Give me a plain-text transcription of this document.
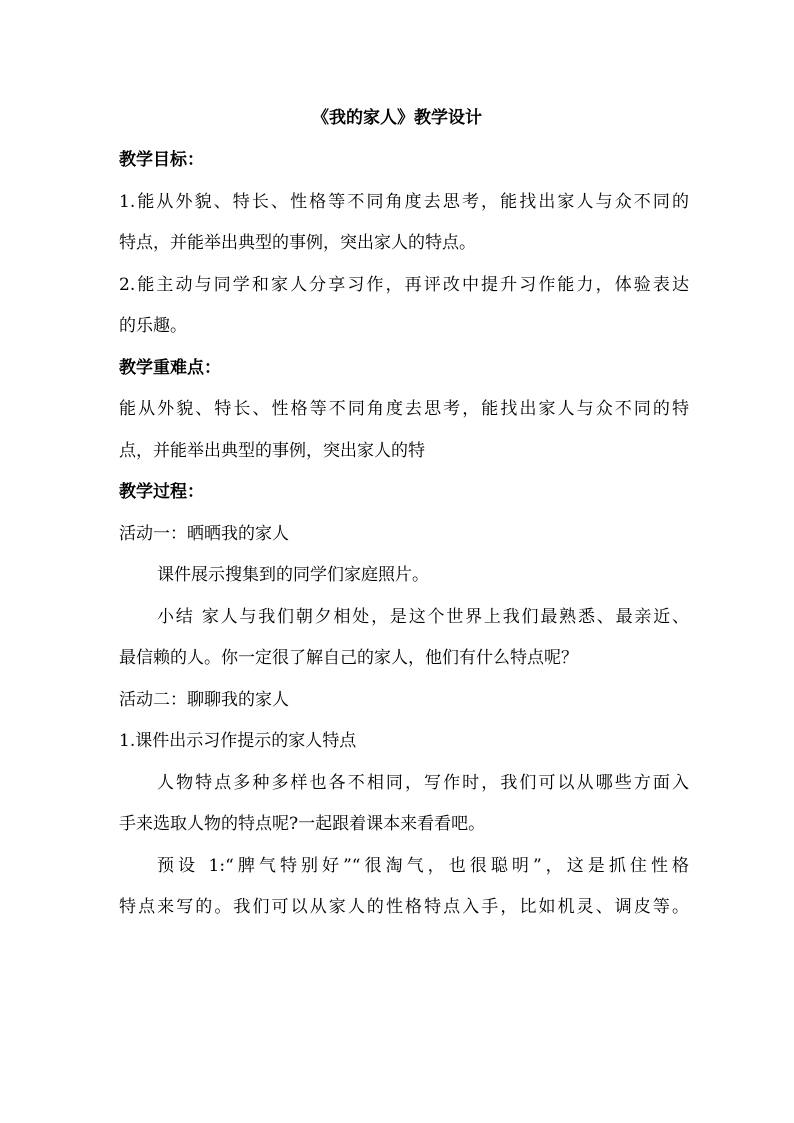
《我的家人》教学设计
教学目标：
1.能从外貌、特长、性格等不同角度去思考，能找出家人与众不同的
特点，并能举出典型的事例，突出家人的特点。
2.能主动与同学和家人分享习作，再评改中提升习作能力，体验表达
的乐趣。
教学重难点：
能从外貌、特长、性格等不同角度去思考，能找出家人与众不同的特
点，并能举出典型的事例，突出家人的特
教学过程：
活动一：晒晒我的家人
课件展示搜集到的同学们家庭照片。
小结 家人与我们朝夕相处，是这个世界上我们最熟悉、最亲近、
最信赖的人。你一定很了解自己的家人，他们有什么特点呢？
活动二：聊聊我的家人
1.课件出示习作提示的家人特点
人物特点多种多样也各不相同，写作时，我们可以从哪些方面入
手来选取人物的特点呢?一起跟着课本来看看吧。
预设 1:“脾气特别好”“很淘气，也很聪明”，这是抓住性格
特点来写的。我们可以从家人的性格特点入手，比如机灵、调皮等。
